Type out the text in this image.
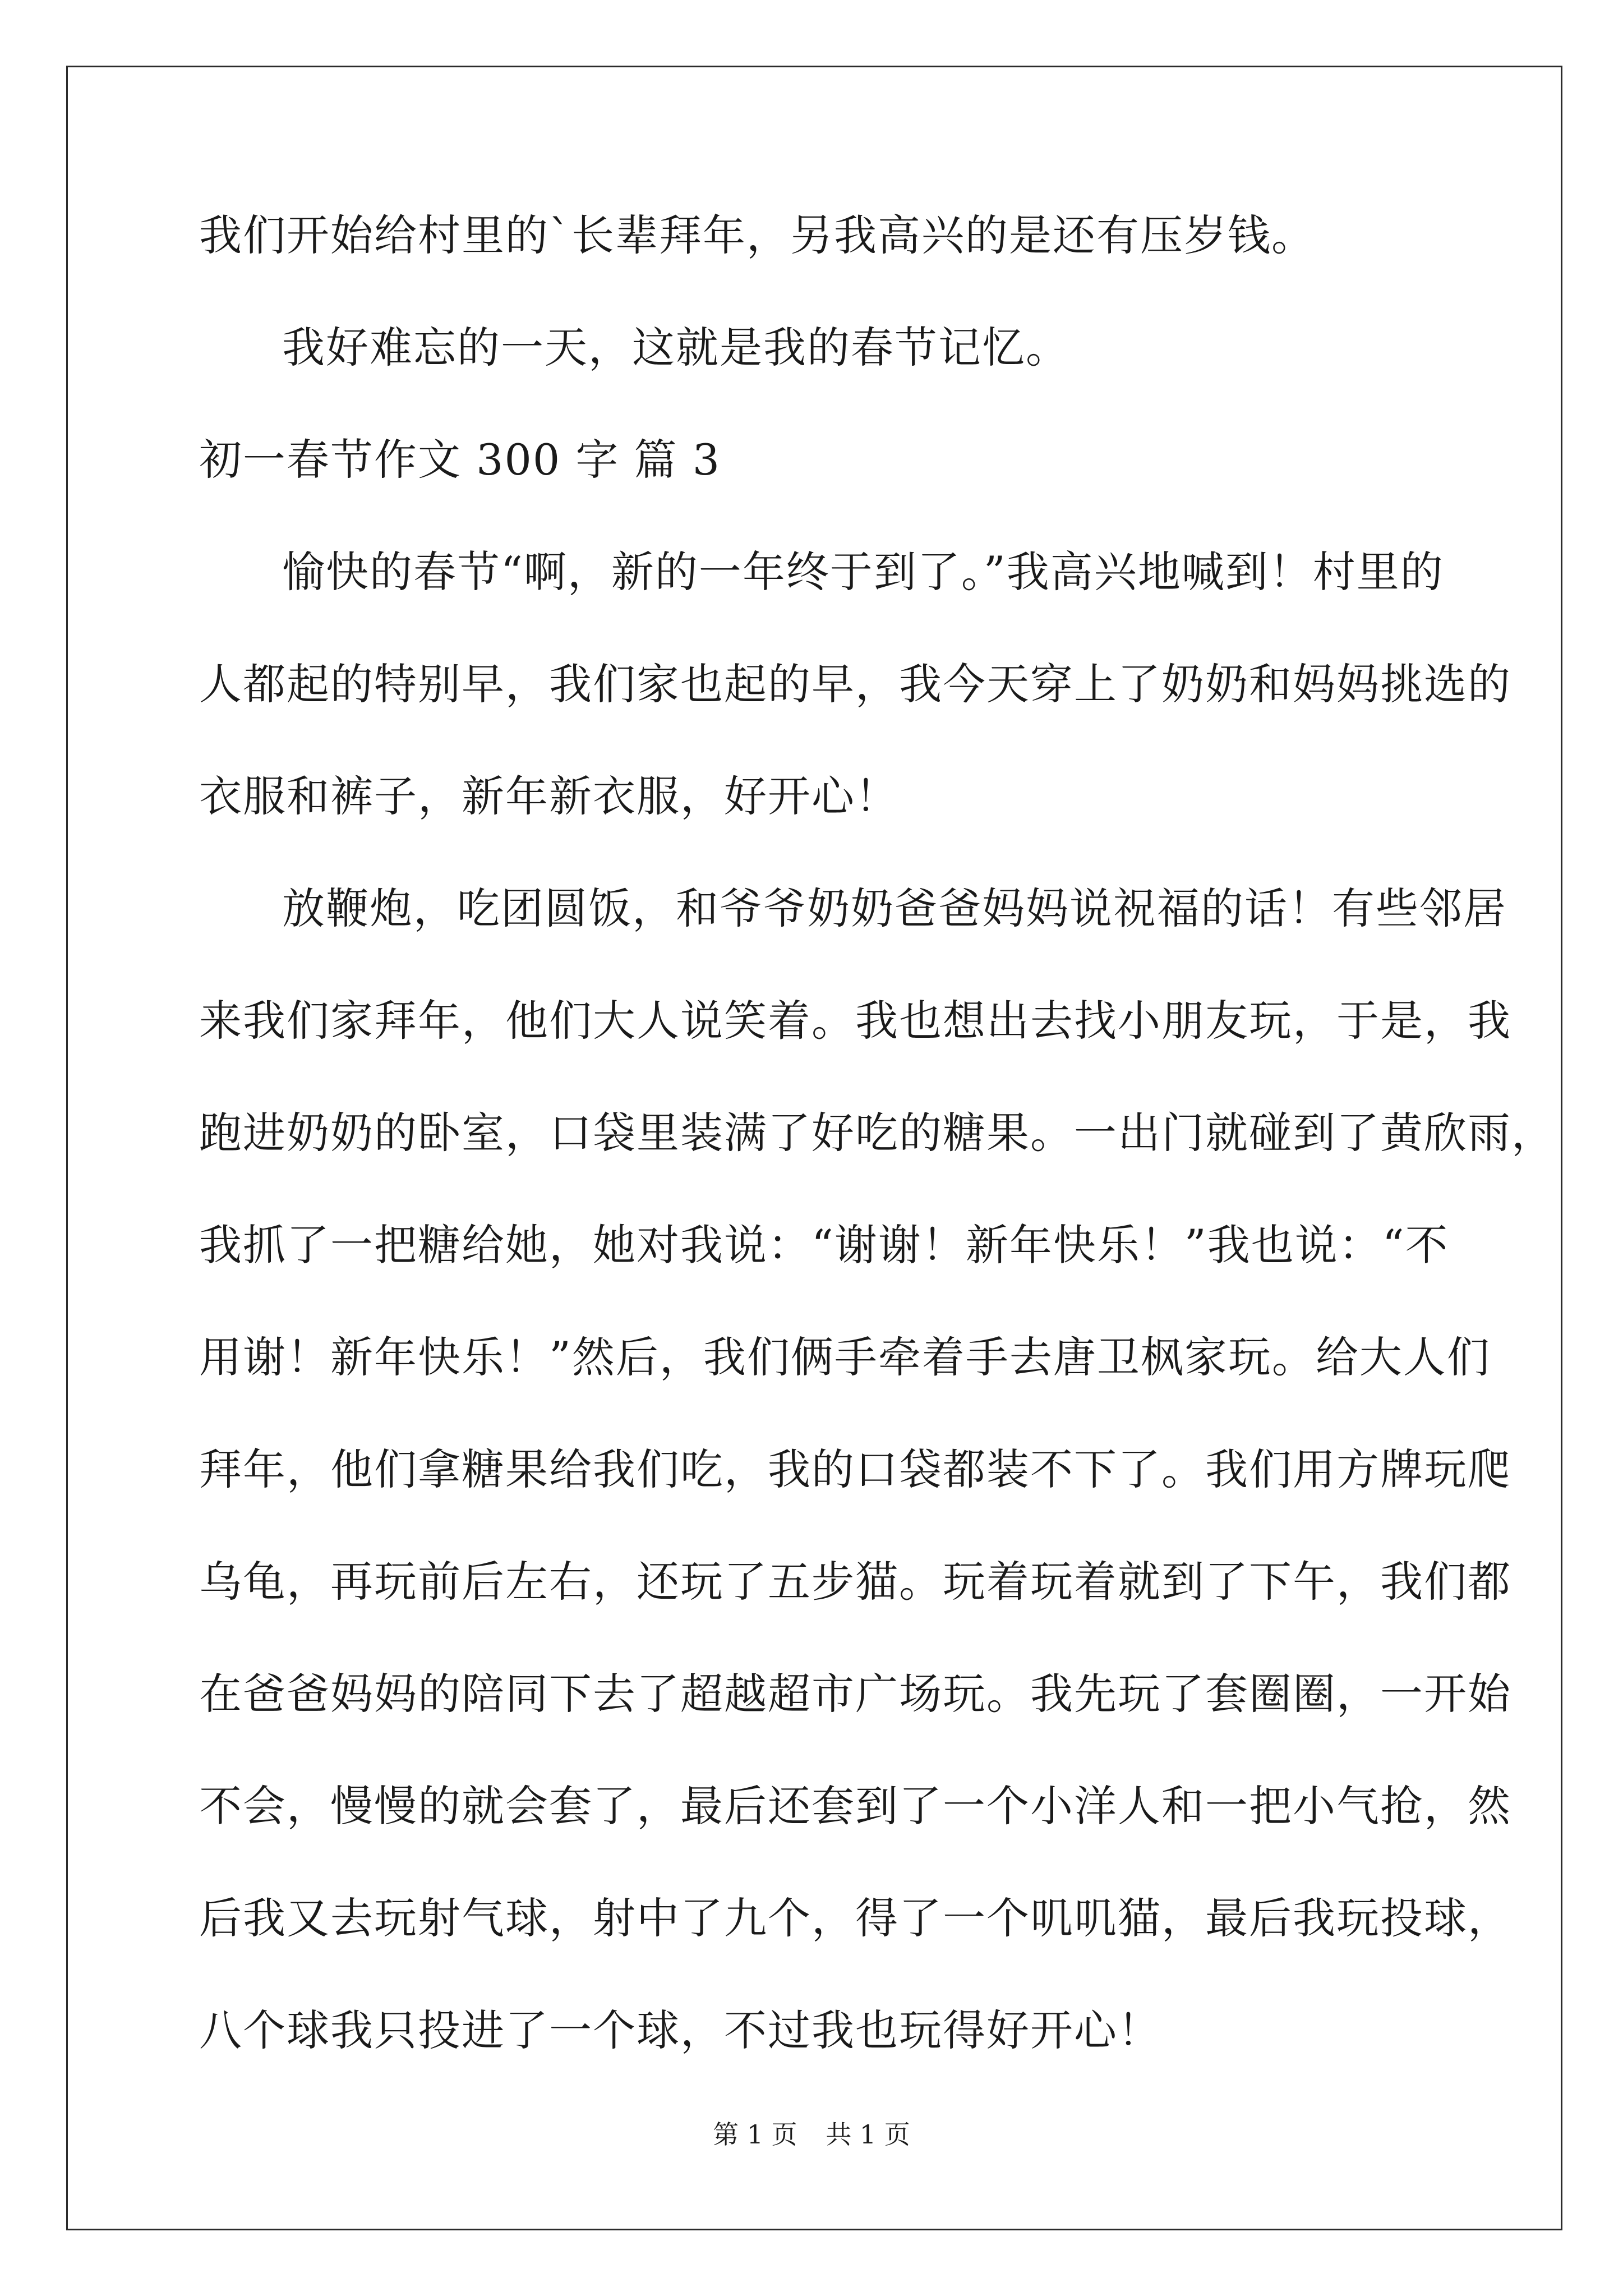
我们开始给村里的`长辈拜年，另我高兴的是还有压岁钱。
我好难忘的一天，这就是我的春节记忆。
初一春节作文 300 字 篇 3
愉快的春节“啊，新的一年终于到了。”我高兴地喊到！村里的
人都起的特别早，我们家也起的早，我今天穿上了奶奶和妈妈挑选的
衣服和裤子，新年新衣服，好开心！
放鞭炮，吃团圆饭，和爷爷奶奶爸爸妈妈说祝福的话！有些邻居
来我们家拜年，他们大人说笑着。我也想出去找小朋友玩，于是，我
跑进奶奶的卧室，口袋里装满了好吃的糖果。一出门就碰到了黄欣雨，
我抓了一把糖给她，她对我说：“谢谢！新年快乐！”我也说：“不
用谢！新年快乐！”然后，我们俩手牵着手去唐卫枫家玩。给大人们
拜年，他们拿糖果给我们吃，我的口袋都装不下了。我们用方牌玩爬
乌龟，再玩前后左右，还玩了五步猫。玩着玩着就到了下午，我们都
在爸爸妈妈的陪同下去了超越超市广场玩。我先玩了套圈圈，一开始
不会，慢慢的就会套了，最后还套到了一个小洋人和一把小气抢，然
后我又去玩射气球，射中了九个，得了一个叽叽猫，最后我玩投球，
八个球我只投进了一个球，不过我也玩得好开心！
第 1 页 共 1 页
